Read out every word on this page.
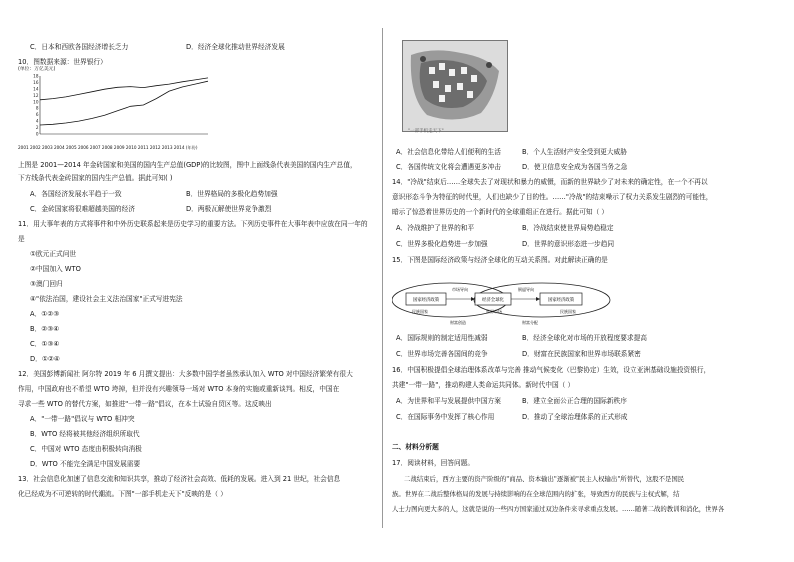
C．日本和西欧各国经济增长乏力	D．经济全球化推动世界经济发展
10．图数据来源：世界银行）
(单位：万亿美元)
0
2
4
6
8
10
12
14
16
18
2001 2002 2003 2004 2005 2006 2007 2008 2009 2010 2011 2012 2013 2014 (年份)
上图是 2001—2014 年金砖国家和美国的国内生产总值(GDP)的比较图，图中上面线条代表美国的国内生产总值，
下方线条代表金砖国家的国内生产总值。据此可知( )
A．各国经济发展水平趋于一致	B．世界格局的多极化趋势加强
C．金砖国家将很难超越美国的经济	D．两极瓦解使世界竞争激烈
11．用大事年表的方式将事件和中外历史联系起来是历史学习的重要方法。下列历史事件在大事年表中应放在同一年的
是
①欧元正式问世
②中国加入 WTO
③澳门回归
④"依法治国，建设社会主义法治国家"正式写进宪法
A．①②③
B．②③④
C．①③④
D．①②④
12．美国彭博新闻社 阿尔特 2019 年 6 月撰文提出：大多数中国学者虽然承认加入 WTO 对中国经济繁荣有很大
作用，中国政府也不希望 WTO 垮掉，但并没有兴趣领导一场对 WTO 本身的实施或重新谈判。相反，中国在
寻求一些 WTO 的替代方案，如推进"一带一路"倡议，在本土试验自贸区等。这反映出
A．"一带一路"倡议与 WTO 相冲突
B．WTO 经将被其他经济组织所取代
C．中国对 WTO 态度由积极转向消极
D．WTO 不能完全满足中国发展需要
13．社会信息化加速了信息交流和知识共享，推动了经济社会高效、低耗的发展。进入到 21 世纪，社会信息
化已经成为不可逆转的时代潮流。下图"一部手机走天下"反映的是（ ）
"一部手机走天下"
A．社会信息化带给人们便利的生活	B．个人生活财产安全受到更大威胁
C．各国传统文化将会遭遇更多冲击	D．使卫信息安全成为各国当务之急
14．"冷战"结束后……全球失去了对现状和暴力的威慑，而新的世界缺少了对未来的确定性，在一个不再以
意识形态斗争为特征的时代里，人们也缺少了目的性。……"冷战"的结束噪示了权力关系发生剧烈的可能性，
暗示了惊恐着世界历史的一个新时代的全球重组正在进行。据此可知（ ）
A．冷战维护了世界的和平	B．冷战结束使世界局势趋稳定
C．世界多极化趋势进一步加强	D．世界的意识形态进一步趋同
15．下图是国际经济政策与经济全球化的互动关系图。对此解读正确的是
国家经济政策	经济全球化	国家经济政策
市场导向	倒逼导向
民族国家	世界市场	民族国家
财富创造	财富分配
A．国际规则的制定适用性减弱	B．经济全球化对市场的开放程度要求提高
C．世界市场完善各国间的竞争	D．财富在民族国家和世界市场联系紧密
16．中国积极提倡全球治理体系改革与完善 推动气候变化（巴黎协定）生效，设立亚洲基础设施投资银行，
共建"一带一路"，推动构建人类命运共同体。新时代中国（ ）
A．为世界和平与发展提供中国方案	B．建立全面公正合理的国际新秩序
C．在国际事务中发挥了核心作用	D．推动了全球治理体系的正式形成
二、材料分析题
17．阅读材料，回答问题。
二战结束后，西方主要的资产阶级的"商品、资本输出"逐渐被"民主人权输出"所替代，这股不是国民
族。世界在二战后整体格局的发展与持续影响的在全球范围内的扩张，导致西方的民族与主权式解，结
人士力图向更大多的人，这就是说的一些四方国家通过双边条件来寻求重点发展。……随著二战的教训和消化，世界各
